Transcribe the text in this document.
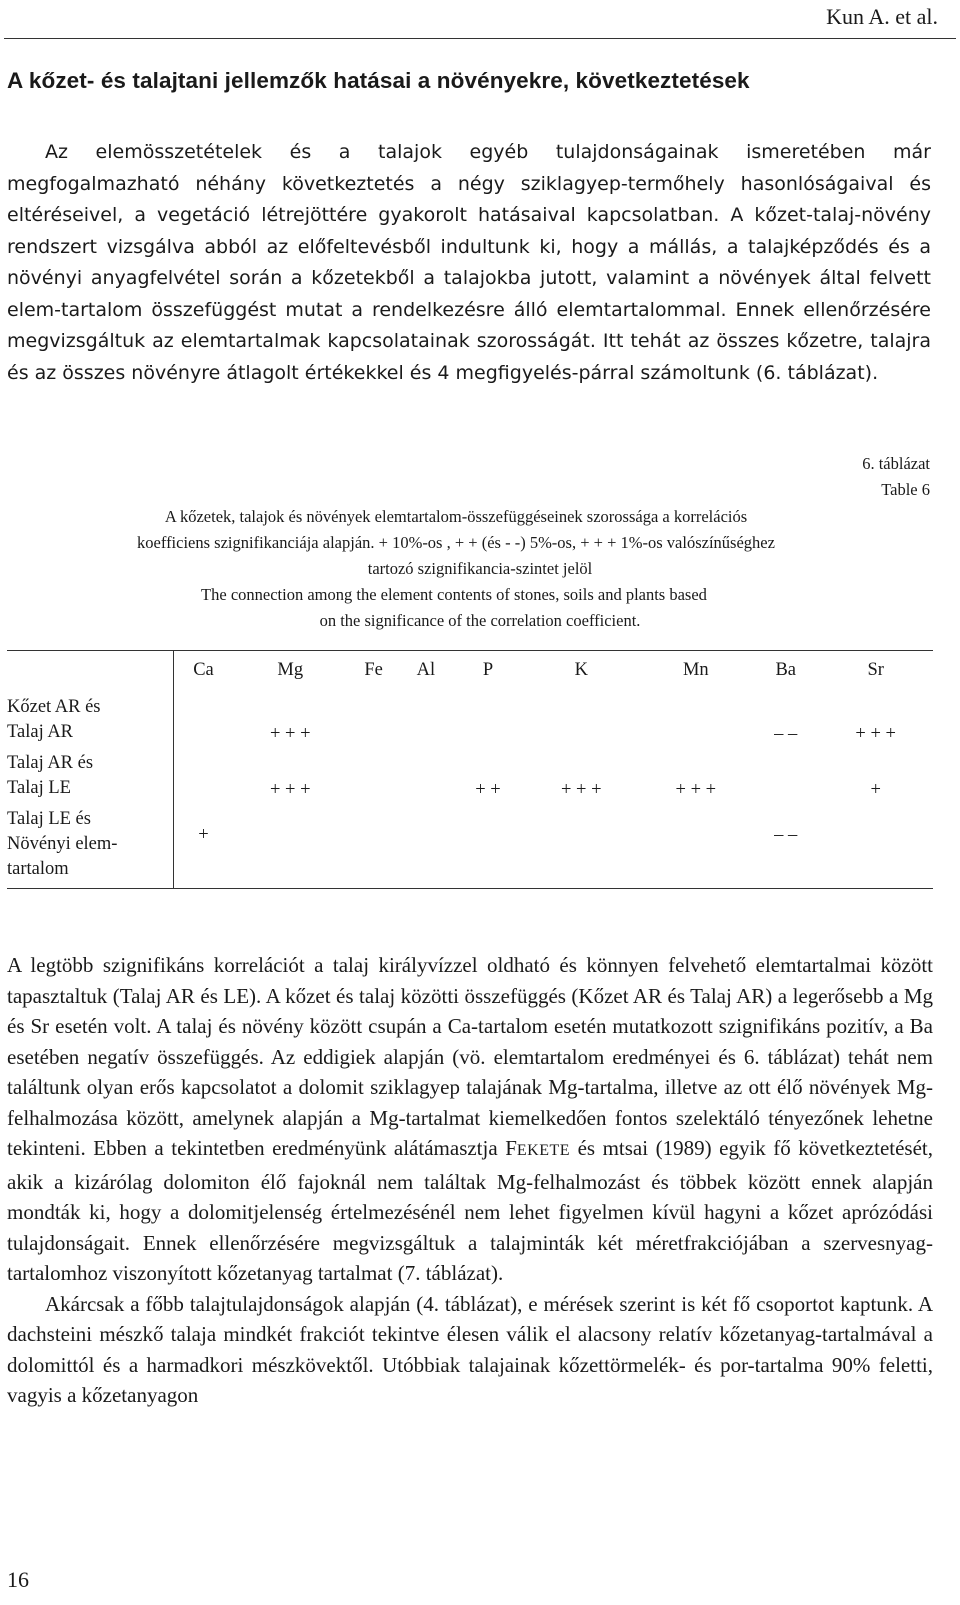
Kun A. et al.
A kőzet- és talajtani jellemzők hatásai a növényekre, következtetések

Az elemösszetételek és a talajok egyéb tulajdonságainak ismeretében már megfogalmazható néhány következtetés a négy sziklagyep-termőhely hasonlóságaival és eltéréseivel, a vegetáció létrejöttére gyakorolt hatásaival kapcsolatban. A kőzet-talaj-növény rendszert vizsgálva abból az előfeltevésből indultunk ki, hogy a mállás, a talajképződés és a növényi anyagfelvétel során a kőzetekből a talajokba jutott, valamint a növények által felvett elem-tartalom összefüggést mutat a rendelkezésre álló elemtartalommal. Ennek ellenőrzésére megvizsgáltuk az elemtartalmak kapcsolatainak szorosságát. Itt tehát az összes kőzetre, talajra és az összes növényre átlagolt értékekkel és 4 megfigyelés-párral számoltunk (6. táblázat).

6. táblázat
Table 6
A kőzetek, talajok és növények elemtartalom-összefüggéseinek szorossága a korrelációs
koefficiens szignifikanciája alapján. + 10%-os , + + (és - -) 5%-os, + + + 1%-os valószínűséghez
tartozó szignifikancia-szintet jelöl
The connection among the element contents of stones, soils and plants based
on the significance of the correlation coefficient.
	Ca	Mg	Fe	Al	P	K	Mn	Ba	Sr

Kőzet AR és
Talaj AR		+ + +						– –	+ + +

Talaj AR és
Talaj LE		+ + +			+ +	+ + +	+ + +		+

Talaj LE és
Növényi elem-
tartalom	+							– –	

A legtöbb szignifikáns korrelációt a talaj királyvízzel oldható és könnyen felvehető elemtartalmai között tapasztaltuk (Talaj AR és LE). A kőzet és talaj közötti összefüggés (Kőzet AR és Talaj AR) a legerősebb a Mg és Sr esetén volt. A talaj és növény között csupán a Ca-tartalom esetén mutatkozott szignifikáns pozitív, a Ba esetében negatív összefüggés. Az eddigiek alapján (vö. elemtartalom eredményei és 6. táblázat) tehát nem találtunk olyan erős kapcsolatot a dolomit sziklagyep talajának Mg-tartalma, illetve az ott élő növények Mg-felhalmozása között, amelynek alapján a Mg-tartalmat kiemelkedően fontos szelektáló tényezőnek lehetne tekinteni. Ebben a tekintetben eredményünk alátámasztja FEKETE és mtsai (1989) egyik fő következtetését, akik a kizárólag dolomiton élő fajoknál nem találtak Mg-felhalmozást és többek között ennek alapján mondták ki, hogy a dolomitjelenség értelmezésénél nem lehet figyelmen kívül hagyni a kőzet aprózódási tulajdonságait. Ennek ellenőrzésére megvizsgáltuk a talajminták két méretfrakciójában a szervesnyag-tartalomhoz viszonyított kőzetanyag tartalmat (7. táblázat).

Akárcsak a főbb talajtulajdonságok alapján (4. táblázat), e mérések szerint is két fő csoportot kaptunk. A dachsteini mészkő talaja mindkét frakciót tekintve élesen válik el alacsony relatív kőzetanyag-tartalmával a dolomittól és a harmadkori mészkövektől. Utóbbiak talajainak kőzettörmelék- és por-tartalma 90% feletti, vagyis a kőzetanyagon

16
